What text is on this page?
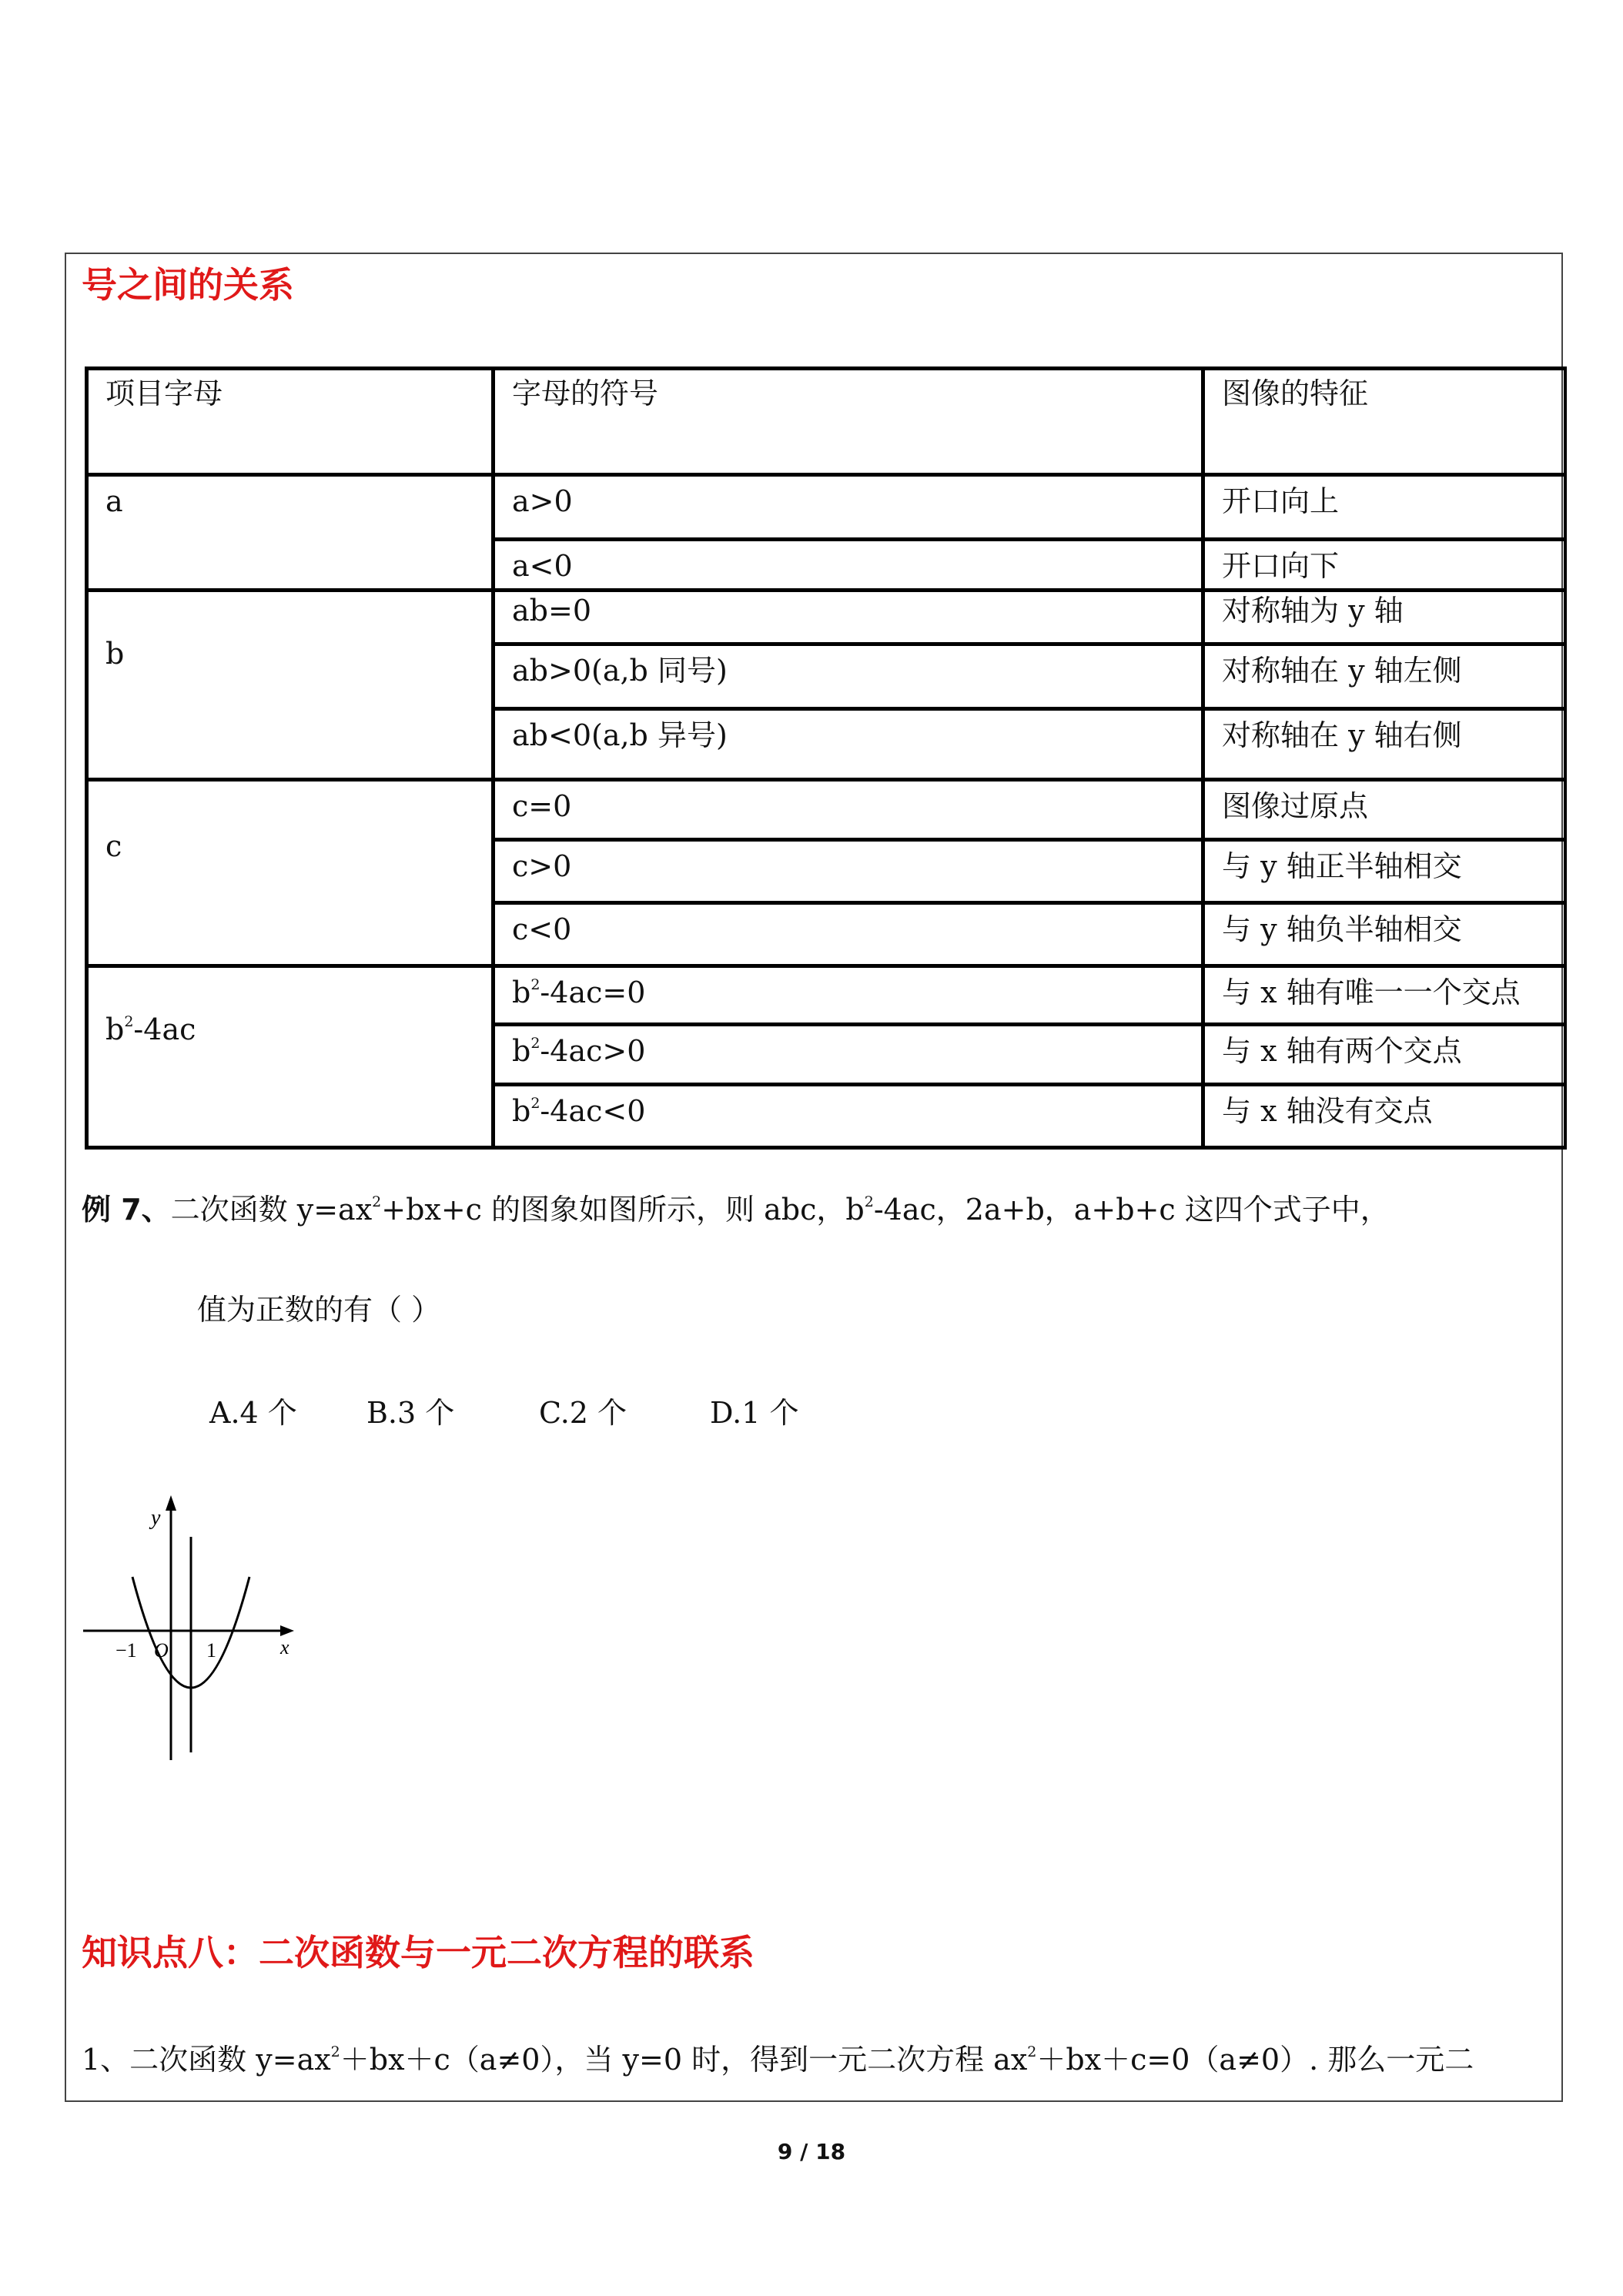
号之间的关系
项目字母	字母的符号	图像的特征
a	a>0	开口向上
	a<0	开口向下
b	ab=0	对称轴为 y 轴
	ab>0(a,b 同号)	对称轴在 y 轴左侧
	ab<0(a,b 异号)	对称轴在 y 轴右侧
c	c=0	图像过原点
	c>0	与 y 轴正半轴相交
	c<0	与 y 轴负半轴相交
$b^2-4ac$	$b^2-4ac=0$	与 x 轴有唯一一个交点
	$b^2-4ac>0$	与 x 轴有两个交点
	$b^2-4ac<0$	与 x 轴没有交点
例 7、二次函数 $y=ax^2+bx+c$ 的图象如图所示，则 abc，$b^2-4ac$，2a+b，a+b+c 这四个式子中，
值为正数的有（ ）
A.4 个 B.3 个	C.2 个	D.1 个
y
x
−1 O 1
知识点八：二次函数与一元二次方程的联系
1、二次函数 $y=ax^2+bx+c(a\ne 0)$，当 y=0 时，得到一元二次方程 $ax^2+bx+c=0(a\ne 0)$. 那么一元二
9 / 18
